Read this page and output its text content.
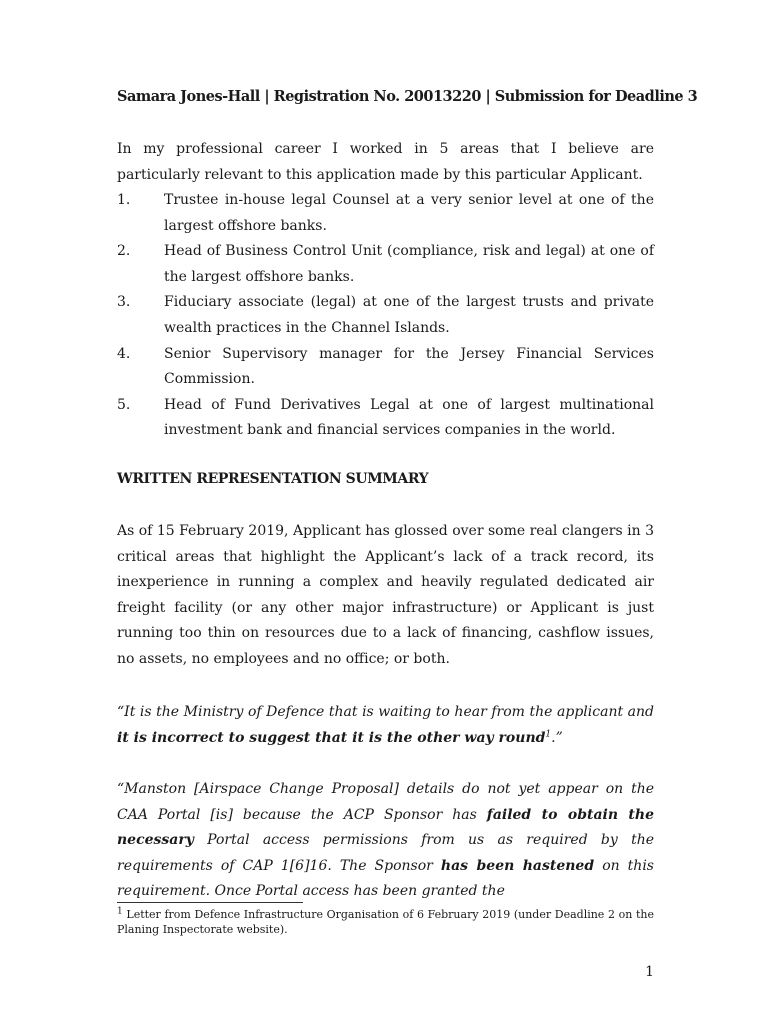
Samara Jones-Hall | Registration No. 20013220 | Submission for Deadline 3

In my professional career I worked in 5 areas that I believe are particularly relevant to this application made by this particular Applicant.

1. Trustee in-house legal Counsel at a very senior level at one of the largest offshore banks.
2. Head of Business Control Unit (compliance, risk and legal) at one of the largest offshore banks.
3. Fiduciary associate (legal) at one of the largest trusts and private wealth practices in the Channel Islands.
4. Senior Supervisory manager for the Jersey Financial Services Commission.
5. Head of Fund Derivatives Legal at one of largest multinational investment bank and financial services companies in the world.
WRITTEN REPRESENTATION SUMMARY

As of 15 February 2019, Applicant has glossed over some real clangers in 3 critical areas that highlight the Applicant’s lack of a track record, its inexperience in running a complex and heavily regulated dedicated air freight facility (or any other major infrastructure) or Applicant is just running too thin on resources due to a lack of financing, cashflow issues, no assets, no employees and no office; or both.

“It is the Ministry of Defence that is waiting to hear from the applicant and it is incorrect to suggest that it is the other way round$^1$.”

“Manston [Airspace Change Proposal] details do not yet appear on the CAA Portal [is] because the ACP Sponsor has failed to obtain the necessary Portal access permissions from us as required by the requirements of CAP 1[6]16. The Sponsor has been hastened on this requirement. Once Portal access has been granted the

$^1$ Letter from Defence Infrastructure Organisation of 6 February 2019 (under Deadline 2 on the Planing Inspectorate website).

1
